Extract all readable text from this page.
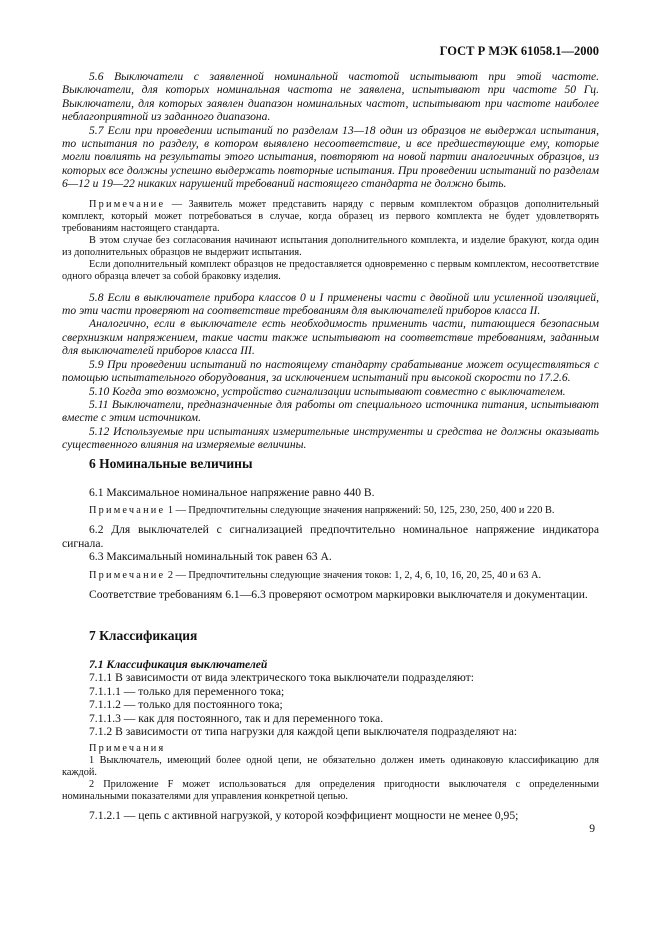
ГОСТ Р МЭК 61058.1—2000

5.6 Выключатели с заявленной номинальной частотой испытывают при этой частоте. Выключатели, для которых номинальная частота не заявлена, испытывают при частоте 50 Гц. Выключатели, для которых заявлен диапазон номинальных частот, испытывают при частоте наиболее неблагоприятной из заданного диапазона.

5.7 Если при проведении испытаний по разделам 13—18 один из образцов не выдержал испытания, то испытания по разделу, в котором выявлено несоответствие, и все предшествующие ему, которые могли повлиять на результаты этого испытания, повторяют на новой партии аналогичных образцов, из которых все должны успешно выдержать повторные испытания. При проведении испытаний по разделам 6—12 и 19—22 никаких нарушений требований настоящего стандарта не должно быть.

Примечание — Заявитель может представить наряду с первым комплектом образцов дополнительный комплект, который может потребоваться в случае, когда образец из первого комплекта не будет удовлетворять требованиям настоящего стандарта.

В этом случае без согласования начинают испытания дополнительного комплекта, и изделие бракуют, когда один из дополнительных образцов не выдержит испытания.

Если дополнительный комплект образцов не предоставляется одновременно с первым комплектом, несоответствие одного образца влечет за собой браковку изделия.

5.8 Если в выключателе прибора классов 0 и I применены части с двойной или усиленной изоляцией, то эти части проверяют на соответствие требованиям для выключателей приборов класса II.

Аналогично, если в выключателе есть необходимость применить части, питающиеся безопасным сверхнизким напряжением, такие части также испытывают на соответствие требованиям, заданным для выключателей приборов класса III.

5.9 При проведении испытаний по настоящему стандарту срабатывание может осуществляться с помощью испытательного оборудования, за исключением испытаний при высокой скорости по 17.2.6.

5.10 Когда это возможно, устройство сигнализации испытывают совместно с выключателем.

5.11 Выключатели, предназначенные для работы от специального источника питания, испытывают вместе с этим источником.

5.12 Используемые при испытаниях измерительные инструменты и средства не должны оказывать существенного влияния на измеряемые величины.

6 Номинальные величины

6.1 Максимальное номинальное напряжение равно 440 В.

Примечание 1 — Предпочтительны следующие значения напряжений: 50, 125, 230, 250, 400 и 220 В.

6.2 Для выключателей с сигнализацией предпочтительно номинальное напряжение индикатора сигнала.

6.3 Максимальный номинальный ток равен 63 А.

Примечание 2 — Предпочтительны следующие значения токов: 1, 2, 4, 6, 10, 16, 20, 25, 40 и 63 А.

Соответствие требованиям 6.1—6.3 проверяют осмотром маркировки выключателя и документации.

7 Классификация

7.1 Классификация выключателей

7.1.1 В зависимости от вида электрического тока выключатели подразделяют:

7.1.1.1 — только для переменного тока;

7.1.1.2 — только для постоянного тока;

7.1.1.3 — как для постоянного, так и для переменного тока.

7.1.2 В зависимости от типа нагрузки для каждой цепи выключателя подразделяют на:

Примечания

1 Выключатель, имеющий более одной цепи, не обязательно должен иметь одинаковую классификацию для каждой.

2 Приложение F может использоваться для определения пригодности выключателя с определенными номинальными показателями для управления конкретной цепью.

7.1.2.1 — цепь с активной нагрузкой, у которой коэффициент мощности не менее 0,95;

9
